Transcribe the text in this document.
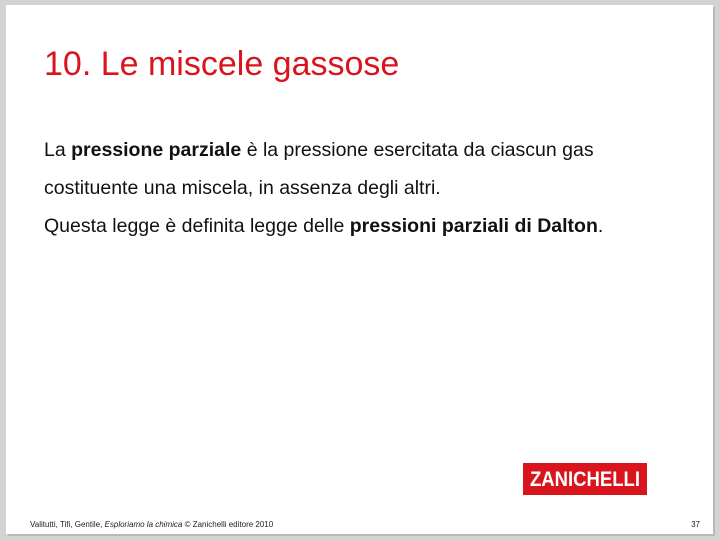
10. Le miscele gassose

La pressione parziale è la pressione esercitata da ciascun gas costituente una miscela, in assenza degli altri.

Questa legge è definita legge delle pressioni parziali di Dalton.

ZANICHELLI
Valitutti, Tifi, Gentile, Esploriamo la chimica © Zanichelli editore 2010	37
